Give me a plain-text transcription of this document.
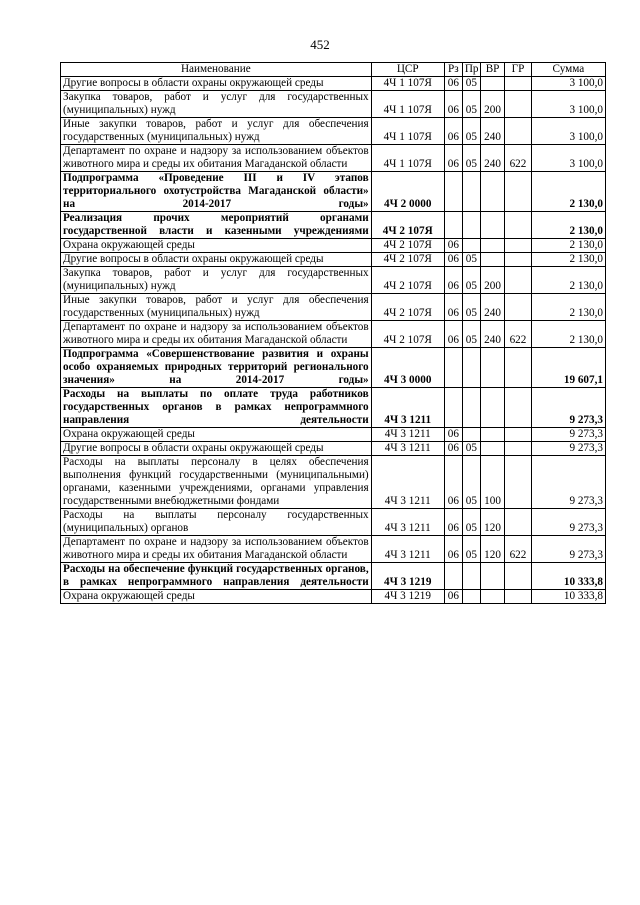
452
Наименование	ЦСР	Рз	Пр	ВР	ГР	Сумма
Другие вопросы в области охраны окружающей среды	4Ч 1 107Я	06	05			3 100,0
Закупка товаров, работ и услуг для государственных (муниципальных) нужд	4Ч 1 107Я	06	05	200		3 100,0
Иные закупки товаров, работ и услуг для обеспечения государственных (муниципальных) нужд	4Ч 1 107Я	06	05	240		3 100,0
Департамент по охране и надзору за использованием объектов животного мира и среды их обитания Магаданской области	4Ч 1 107Я	06	05	240	622	3 100,0
Подпрограмма «Проведение III и IV этапов территориального охотустройства Магаданской области» на 2014-2017 годы»	4Ч 2 0000					2 130,0
Реализация прочих мероприятий органами государственной власти и казенными учреждениями	4Ч 2 107Я					2 130,0
Охрана окружающей среды	4Ч 2 107Я	06				2 130,0
Другие вопросы в области охраны окружающей среды	4Ч 2 107Я	06	05			2 130,0
Закупка товаров, работ и услуг для государственных (муниципальных) нужд	4Ч 2 107Я	06	05	200		2 130,0
Иные закупки товаров, работ и услуг для обеспечения государственных (муниципальных) нужд	4Ч 2 107Я	06	05	240		2 130,0
Департамент по охране и надзору за использованием объектов животного мира и среды их обитания Магаданской области	4Ч 2 107Я	06	05	240	622	2 130,0
Подпрограмма «Совершенствование развития и охраны особо охраняемых природных территорий регионального значения» на 2014-2017 годы»	4Ч 3 0000					19 607,1
Расходы на выплаты по оплате труда работников государственных органов в рамках непрограммного направления деятельности	4Ч 3 1211					9 273,3
Охрана окружающей среды	4Ч 3 1211	06				9 273,3
Другие вопросы в области охраны окружающей среды	4Ч 3 1211	06	05			9 273,3
Расходы на выплаты персоналу в целях обеспечения выполнения функций государственными (муниципальными) органами, казенными учреждениями, органами управления государственными внебюджетными фондами	4Ч 3 1211	06	05	100		9 273,3
Расходы на выплаты персоналу государственных (муниципальных) органов	4Ч 3 1211	06	05	120		9 273,3
Департамент по охране и надзору за использованием объектов животного мира и среды их обитания Магаданской области	4Ч 3 1211	06	05	120	622	9 273,3
Расходы на обеспечение функций государственных органов, в рамках непрограммного направления деятельности	4Ч 3 1219					10 333,8
Охрана окружающей среды	4Ч 3 1219	06				10 333,8
